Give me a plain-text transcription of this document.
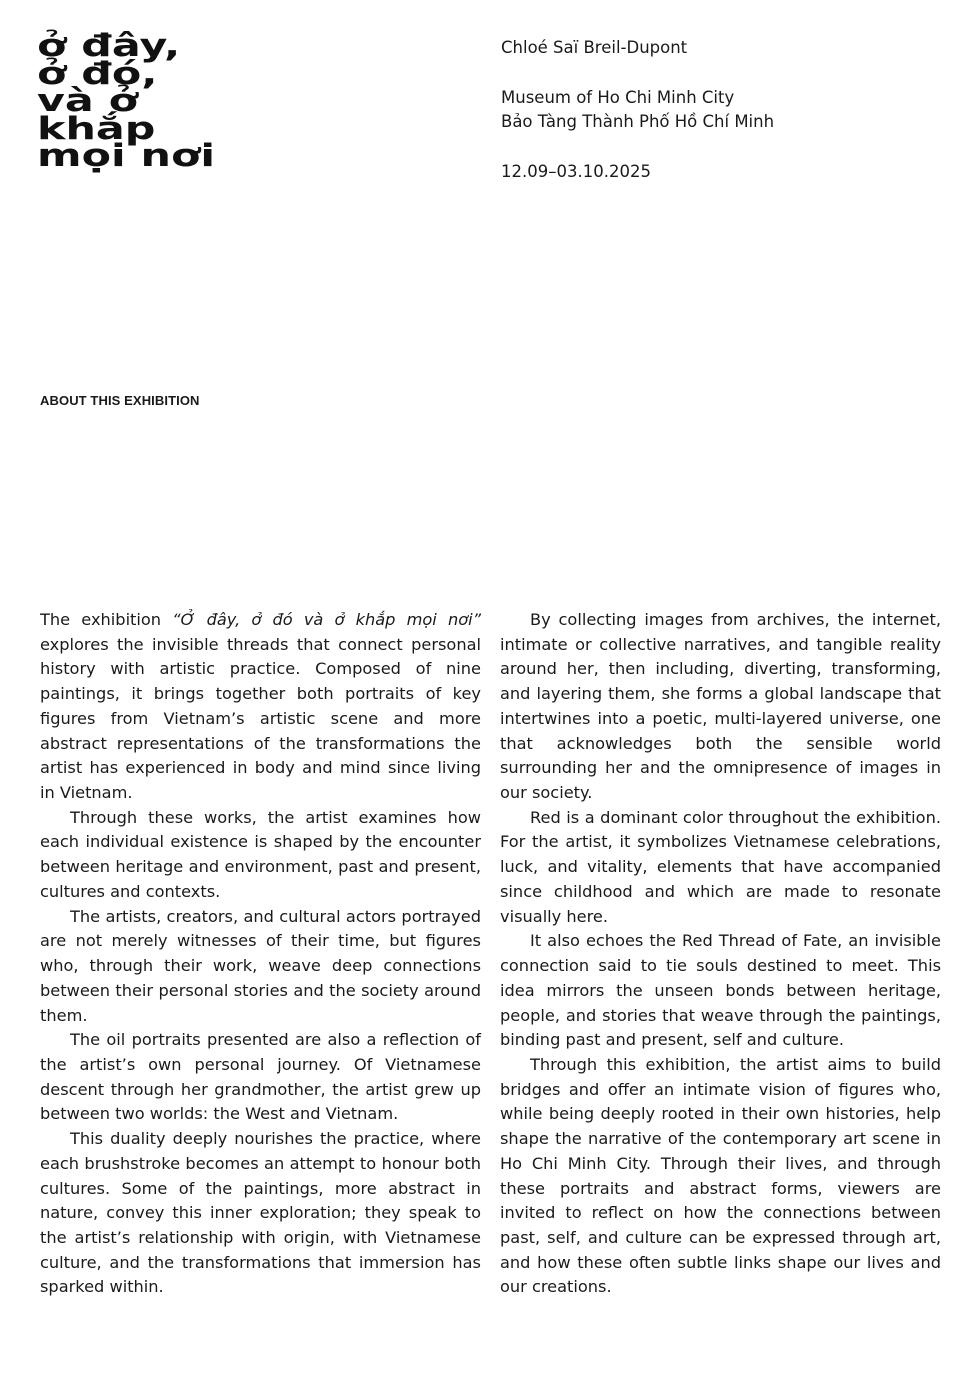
ở đây,
ở đó,
và ở
khắp
mọi nơi
Chloé Saï Breil-Dupont
Museum of Ho Chi Minh City
Bảo Tàng Thành Phố Hồ Chí Minh
12.09–03.10.2025
ABOUT THIS EXHIBITION

The exhibition “Ở đây, ở đó và ở khắp mọi nơi” explores the invisible threads that connect personal history with artistic practice. Composed of nine paintings, it brings together both portraits of key figures from Vietnam’s artistic scene and more abstract representations of the transformations the artist has experienced in body and mind since living in Vietnam.

Through these works, the artist examines how each individual existence is shaped by the encounter between heritage and environment, past and present, cultures and contexts.

The artists, creators, and cultural actors portrayed are not merely witnesses of their time, but figures who, through their work, weave deep connections between their personal stories and the society around them.

The oil portraits presented are also a reflection of the artist’s own personal journey. Of Vietnamese descent through her grandmother, the artist grew up between two worlds: the West and Vietnam.

This duality deeply nourishes the practice, where each brushstroke becomes an attempt to honour both cultures. Some of the paintings, more abstract in nature, convey this inner exploration; they speak to the artist’s relationship with origin, with Vietnamese culture, and the transformations that immersion has sparked within.

By collecting images from archives, the internet, intimate or collective narratives, and tangible reality around her, then including, diverting, transforming, and layering them, she forms a global landscape that intertwines into a poetic, multi-layered universe, one that acknowledges both the sensible world surrounding her and the omnipresence of images in our society.

Red is a dominant color throughout the exhibition. For the artist, it symbolizes Vietnamese celebrations, luck, and vitality, elements that have accompanied since childhood and which are made to resonate visually here.

It also echoes the Red Thread of Fate, an invisible connection said to tie souls destined to meet. This idea mirrors the unseen bonds between heritage, people, and stories that weave through the paintings, binding past and present, self and culture.

Through this exhibition, the artist aims to build bridges and offer an intimate vision of figures who, while being deeply rooted in their own histories, help shape the narrative of the contemporary art scene in Ho Chi Minh City. Through their lives, and through these portraits and abstract forms, viewers are invited to reflect on how the connections between past, self, and culture can be expressed through art, and how these often subtle links shape our lives and our creations.
